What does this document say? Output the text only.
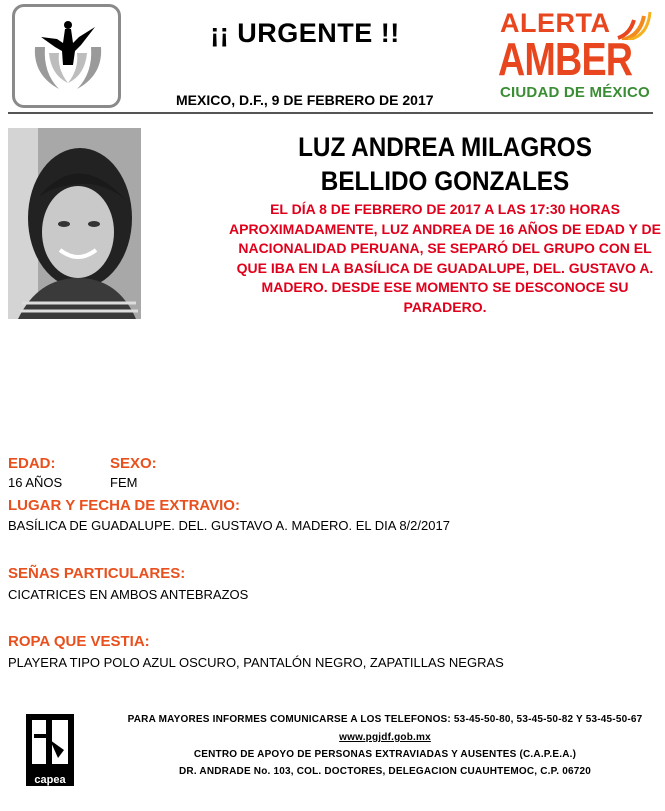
¡¡ URGENTE !!	ALERTA
AMBER
CIUDAD DE MÉXICO
MEXICO, D.F., 9 DE FEBRERO DE 2017
LUZ ANDREA MILAGROS
BELLIDO GONZALES
EL DÍA 8 DE FEBRERO DE 2017 A LAS 17:30 HORAS APROXIMADAMENTE, LUZ ANDREA DE 16 AÑOS DE EDAD Y DE NACIONALIDAD PERUANA, SE SEPARÓ DEL GRUPO CON EL QUE IBA EN LA BASÍLICA DE GUADALUPE, DEL. GUSTAVO A. MADERO. DESDE ESE MOMENTO SE DESCONOCE SU PARADERO.
EDAD:	SEXO:
16 AÑOS	FEM
LUGAR Y FECHA DE EXTRAVIO:
BASÍLICA DE GUADALUPE. DEL. GUSTAVO A. MADERO. EL DIA 8/2/2017
SEÑAS PARTICULARES:
CICATRICES EN AMBOS ANTEBRAZOS
ROPA QUE VESTIA:
PLAYERA TIPO POLO AZUL OSCURO, PANTALÓN NEGRO, ZAPATILLAS NEGRAS
capea
PARA MAYORES INFORMES COMUNICARSE A LOS TELEFONOS: 53-45-50-80, 53-45-50-82 Y 53-45-50-67
www.pgjdf.gob.mx
CENTRO DE APOYO DE PERSONAS EXTRAVIADAS Y AUSENTES (C.A.P.E.A.)
DR. ANDRADE No. 103, COL. DOCTORES, DELEGACION CUAUHTEMOC, C.P. 06720
